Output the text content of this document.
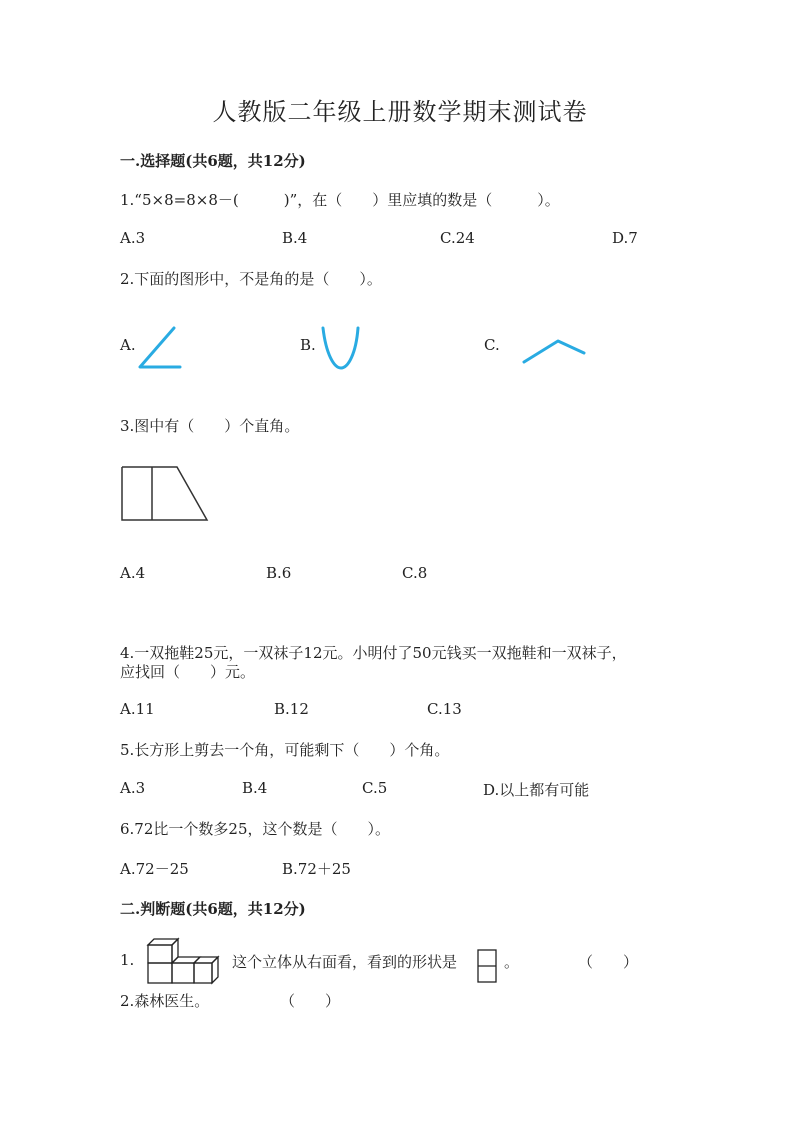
人教版二年级上册数学期末测试卷
一.选择题(共6题，共12分)
1.“5×8=8×8－(　　　)”，在（　　）里应填的数是（　　　）。
A.3	B.4	C.24	D.7
2.下面的图形中，不是角的是（　　）。
A.	B.	C.
3.图中有（　　）个直角。
A.4	B.6	C.8
4.一双拖鞋25元，一双袜子12元。小明付了50元钱买一双拖鞋和一双袜子，
应找回（　　）元。
A.11	B.12	C.13
5.长方形上剪去一个角，可能剩下（　　）个角。
A.3	B.4	C.5	D.以上都有可能
6.72比一个数多25，这个数是（　　）。
A.72－25	B.72＋25
二.判断题(共6题，共12分)
1.	这个立体从右面看，看到的形状是	。	（　　）
2.森林医生。	（　　）
